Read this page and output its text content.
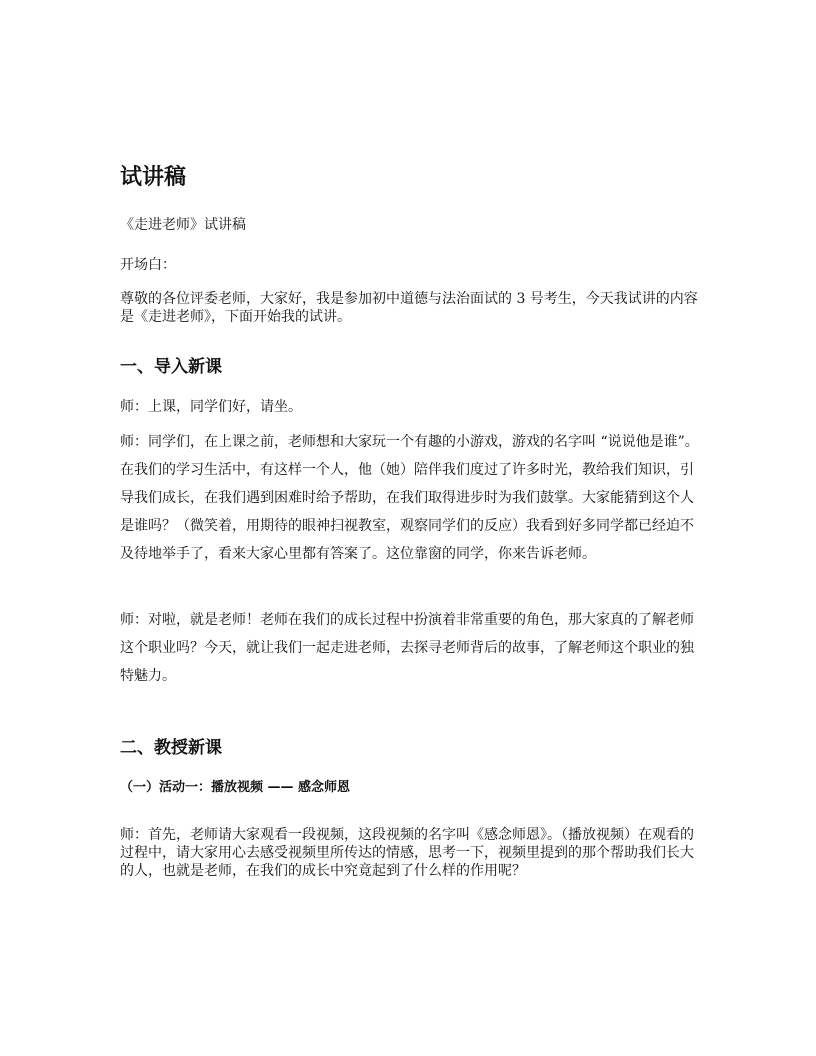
试讲稿

《走进老师》试讲稿

开场白：

尊敬的各位评委老师，大家好，我是参加初中道德与法治面试的 3 号考生，今天我试讲的内容是《走进老师》，下面开始我的试讲。

一、导入新课

师：上课，同学们好，请坐。

师：同学们，在上课之前，老师想和大家玩一个有趣的小游戏，游戏的名字叫 “说说他是谁”。在我们的学习生活中，有这样一个人，他（她）陪伴我们度过了许多时光，教给我们知识，引导我们成长，在我们遇到困难时给予帮助，在我们取得进步时为我们鼓掌。大家能猜到这个人是谁吗？（微笑着，用期待的眼神扫视教室，观察同学们的反应）我看到好多同学都已经迫不及待地举手了，看来大家心里都有答案了。这位靠窗的同学，你来告诉老师。

师：对啦，就是老师！老师在我们的成长过程中扮演着非常重要的角色，那大家真的了解老师这个职业吗？今天，就让我们一起走进老师，去探寻老师背后的故事，了解老师这个职业的独特魅力。

二、教授新课
（一）活动一：播放视频 —— 感念师恩

师：首先，老师请大家观看一段视频，这段视频的名字叫《感念师恩》。（播放视频）在观看的过程中，请大家用心去感受视频里所传达的情感，思考一下，视频里提到的那个帮助我们长大的人，也就是老师，在我们的成长中究竟起到了什么样的作用呢？
